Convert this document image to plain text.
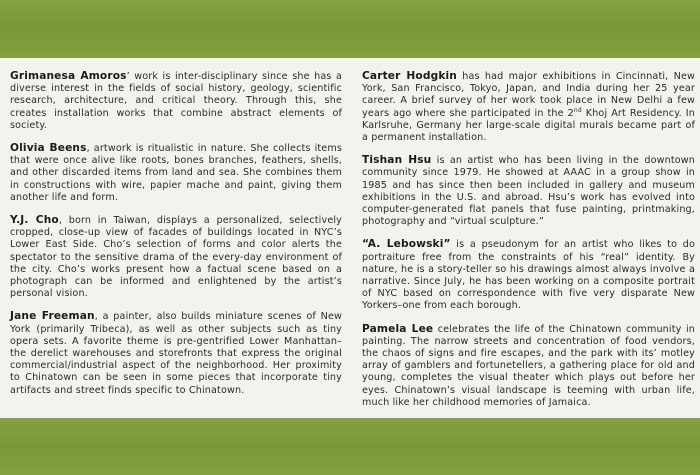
Grimanesa Amoros’ work is inter-disciplinary since she has a diverse interest in the fields of social history, geology, scientific research, architecture, and critical theory. Through this, she creates installation works that combine abstract elements of society.

Olivia Beens, artwork is ritualistic in nature. She collects items that were once alive like roots, bones branches, feathers, shells, and other discarded items from land and sea. She combines them in constructions with wire, papier mache and paint, giving them another life and form.

Y.J. Cho, born in Taiwan, displays a personalized, selectively cropped, close-up view of facades of buildings located in NYC’s Lower East Side. Cho’s selection of forms and color alerts the spectator to the sensitive drama of the every-day environment of the city. Cho’s works present how a factual scene based on a photograph can be informed and enlightened by the artist’s personal vision.

Jane Freeman, a painter, also builds miniature scenes of New York (primarily Tribeca), as well as other subjects such as tiny opera sets. A favorite theme is pre-gentrified Lower Manhattan–the derelict warehouses and storefronts that express the original commercial/industrial aspect of the neighborhood. Her proximity to Chinatown can be seen in some pieces that incorporate tiny artifacts and street finds specific to Chinatown.

Carter Hodgkin has had major exhibitions in Cincinnati, New York, San Francisco, Tokyo, Japan, and India during her 25 year career. A brief survey of her work took place in New Delhi a few years ago where she participated in the 2nd Khoj Art Residency. In Karlsruhe, Germany her large-scale digital murals became part of a permanent installation.

Tishan Hsu is an artist who has been living in the downtown community since 1979. He showed at AAAC in a group show in 1985 and has since then been included in gallery and museum exhibitions in the U.S. and abroad. Hsu’s work has evolved into computer-generated flat panels that fuse painting, printmaking, photography and “virtual sculpture.”

“A. Lebowski” is a pseudonym for an artist who likes to do portraiture free from the constraints of his “real” identity. By nature, he is a story-teller so his drawings almost always involve a narrative. Since July, he has been working on a composite portrait of NYC based on correspondence with five very disparate New Yorkers–one from each borough.

Pamela Lee celebrates the life of the Chinatown community in painting. The narrow streets and concentration of food vendors, the chaos of signs and fire escapes, and the park with its’ motley array of gamblers and fortunetellers, a gathering place for old and young, completes the visual theater which plays out before her eyes. Chinatown’s visual landscape is teeming with urban life, much like her childhood memories of Jamaica.
